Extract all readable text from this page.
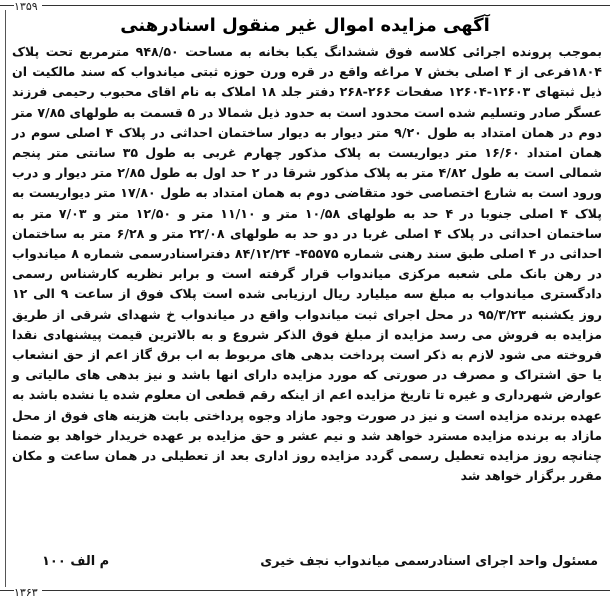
۱۳۵۹
آگهی مزایده اموال غیر منقول اسنادرهنی
بموجب پرونده اجرائی کلاسه فوق ششدانگ یکبا بخانه به مساحت ۹۴۸/۵۰ مترمربع تحت پلاک ۱۸۰۴فرعی از ۴ اصلی بخش ۷ مراغه واقع در قره ورن حوزه ثبتی میاندواب که سند مالکیت ان ذیل ثبتهای ۱۲۶۰۳-۱۲۶۰۴ صفحات ۲۶۶-۲۶۸ دفتر جلد ۱۸ املاک به نام اقای محبوب رحیمی فرزند عسگر صادر وتسلیم شده است محدود است به حدود ذیل شمالا در ۵ قسمت به طولهای ۷/۸۵ متر دوم در همان امتداد به طول ۹/۲۰ متر دیوار به دیوار ساختمان احداثی در پلاک ۴ اصلی سوم در همان امتداد ۱۶/۶۰ متر دیواریست به پلاک مذکور چهارم غربی به طول ۳۵ سانتی متر پنجم شمالی است به طول ۴/۸۲ متر به پلاک مذکور شرقا در ۲ حد اول به طول ۲/۸۵ متر دیوار و درب ورود است به شارع اختصاصی خود متقاضی دوم به همان امتداد به طول ۱۷/۸۰ متر دیواریست به پلاک ۴ اصلی جنوبا در ۴ حد به طولهای ۱۰/۵۸ متر و ۱۱/۱۰ متر و ۱۲/۵۰ متر و ۷/۰۳ متر به ساختمان احداثی در پلاک ۴ اصلی غربا در دو حد به طولهای ۲۲/۰۸ متر و ۶/۲۸ متر به ساختمان احداثی در ۴ اصلی طبق سند رهنی شماره ۴۵۵۷۵- ۸۴/۱۲/۲۴ دفتراسنادرسمی شماره ۸ میاندواب در رهن بانک ملی شعبه مرکزی میاندواب قرار گرفته است و برابر نظریه کارشناس رسمی دادگستری میاندواب به مبلغ سه میلیارد ریال ارزیابی شده است پلاک فوق از ساعت ۹ الی ۱۲ روز یکشنبه ۹۵/۳/۲۳ در محل اجرای ثبت میاندواب واقع در میاندواب خ شهدای شرقی از طریق مزایده به فروش می رسد مزایده از مبلغ فوق الذکر شروع و به بالاترین قیمت پیشنهادی نقدا فروخته می شود لازم به ذکر است پرداخت بدهی های مربوط به اب برق گاز اعم از حق انشعاب یا حق اشتراک و مصرف در صورتی که مورد مزایده دارای انها باشد و نیز بدهی های مالیاتی و عوارض شهرداری و غیره تا تاریخ مزایده اعم از اینکه رقم قطعی ان معلوم شده یا نشده باشد به عهده برنده مزایده است و نیز در صورت وجود مازاد وجوه پرداختی بابت هزینه های فوق از محل مازاد به برنده مزایده مسترد خواهد شد و نیم عشر و حق مزایده بر عهده خریدار خواهد بو ضمنا چنانچه روز مزایده تعطیل رسمی گردد مزایده روز اداری بعد از تعطیلی در همان ساعت و مکان مقرر برگزار خواهد شد
مسئول واحد اجرای اسنادرسمی میاندواب نجف خیری
م الف ۱۰۰
۱۳۶۳
